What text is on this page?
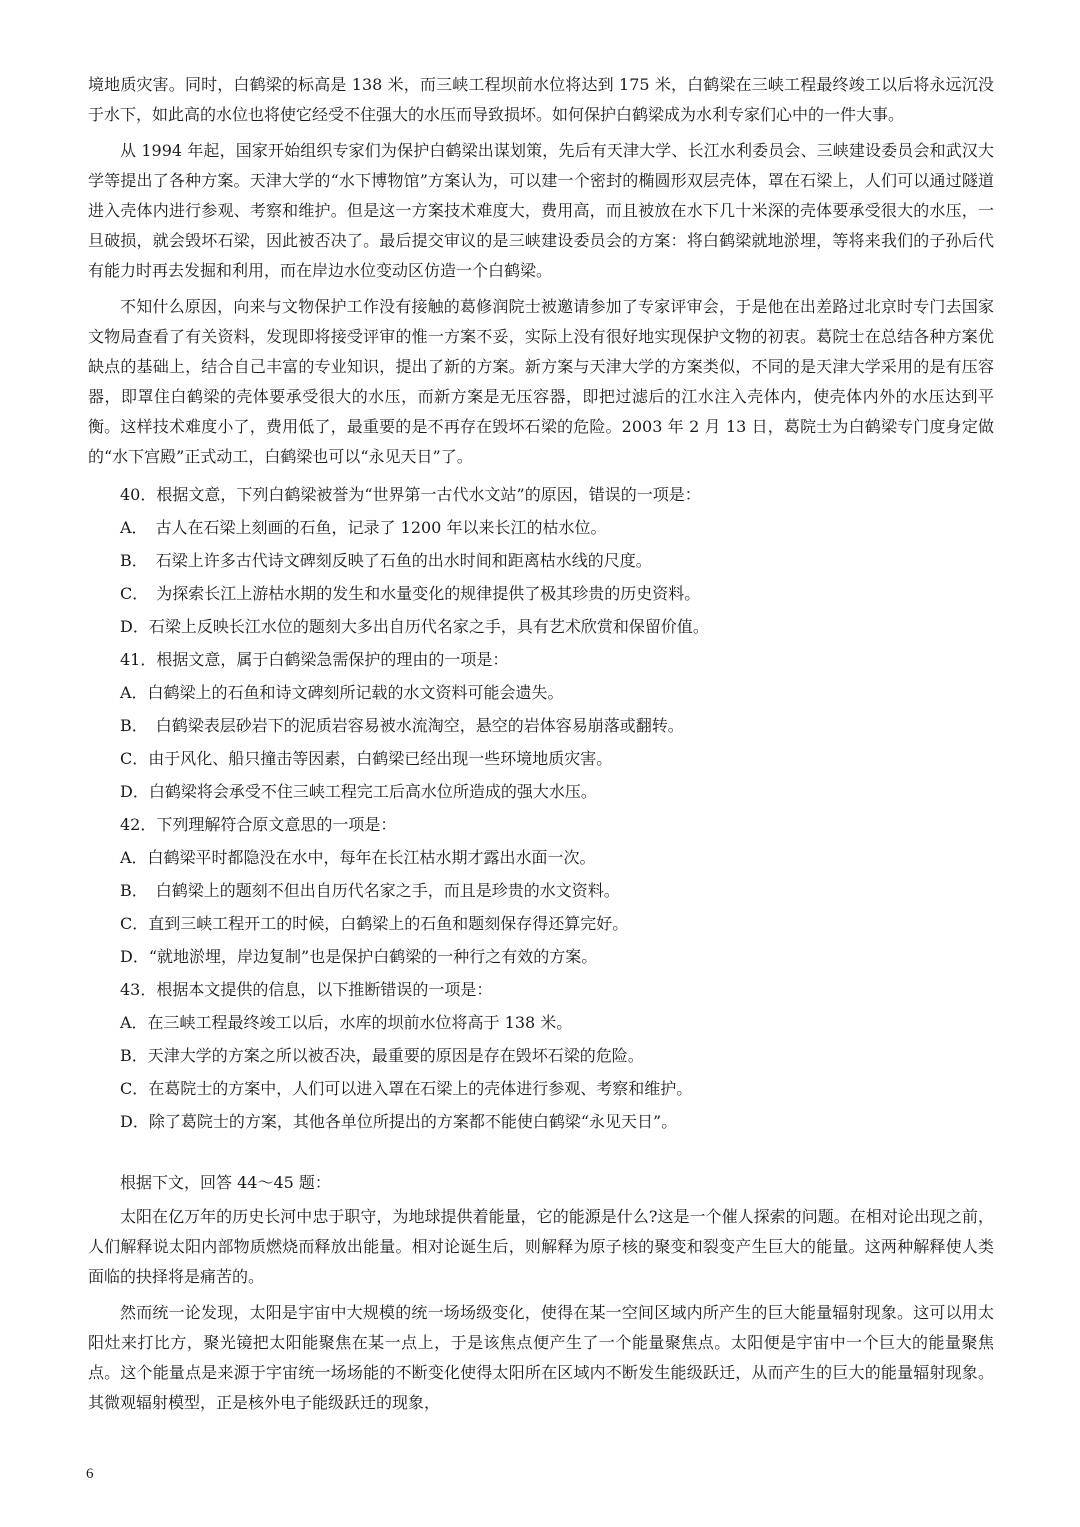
境地质灾害。同时，白鹤梁的标高是 138 米，而三峡工程坝前水位将达到 175 米，白鹤梁在三峡工程最终竣工以后将永远沉没于水下，如此高的水位也将使它经受不住强大的水压而导致损坏。如何保护白鹤梁成为水利专家们心中的一件大事。

从 1994 年起，国家开始组织专家们为保护白鹤梁出谋划策，先后有天津大学、长江水利委员会、三峡建设委员会和武汉大学等提出了各种方案。天津大学的“水下博物馆”方案认为，可以建一个密封的椭圆形双层壳体，罩在石梁上，人们可以通过隧道进入壳体内进行参观、考察和维护。但是这一方案技术难度大，费用高，而且被放在水下几十米深的壳体要承受很大的水压，一旦破损，就会毁坏石梁，因此被否决了。最后提交审议的是三峡建设委员会的方案：将白鹤梁就地淤埋，等将来我们的子孙后代有能力时再去发掘和利用，而在岸边水位变动区仿造一个白鹤梁。

不知什么原因，向来与文物保护工作没有接触的葛修润院士被邀请参加了专家评审会，于是他在出差路过北京时专门去国家文物局查看了有关资料，发现即将接受评审的惟一方案不妥，实际上没有很好地实现保护文物的初衷。葛院士在总结各种方案优缺点的基础上，结合自己丰富的专业知识，提出了新的方案。新方案与天津大学的方案类似，不同的是天津大学采用的是有压容器，即罩住白鹤梁的壳体要承受很大的水压，而新方案是无压容器，即把过滤后的江水注入壳体内，使壳体内外的水压达到平衡。这样技术难度小了，费用低了，最重要的是不再存在毁坏石梁的危险。2003 年 2 月 13 日，葛院士为白鹤梁专门度身定做的“水下宫殿”正式动工，白鹤梁也可以“永见天日”了。

40．根据文意，下列白鹤梁被誉为“世界第一古代水文站”的原因，错误的一项是：

A．　古人在石梁上刻画的石鱼，记录了 1200 年以来长江的枯水位。

B．　石梁上许多古代诗文碑刻反映了石鱼的出水时间和距离枯水线的尺度。

C．　为探索长江上游枯水期的发生和水量变化的规律提供了极其珍贵的历史资料。

D．石梁上反映长江水位的题刻大多出自历代名家之手，具有艺术欣赏和保留价值。

41．根据文意，属于白鹤梁急需保护的理由的一项是：

A．白鹤梁上的石鱼和诗文碑刻所记载的水文资料可能会遗失。

B．　白鹤梁表层砂岩下的泥质岩容易被水流淘空，悬空的岩体容易崩落或翻转。

C．由于风化、船只撞击等因素，白鹤梁已经出现一些环境地质灾害。

D．白鹤梁将会承受不住三峡工程完工后高水位所造成的强大水压。

42．下列理解符合原文意思的一项是：

A．白鹤梁平时都隐没在水中，每年在长江枯水期才露出水面一次。

B．　白鹤梁上的题刻不但出自历代名家之手，而且是珍贵的水文资料。

C．直到三峡工程开工的时候，白鹤梁上的石鱼和题刻保存得还算完好。

D．“就地淤埋，岸边复制”也是保护白鹤梁的一种行之有效的方案。

43．根据本文提供的信息，以下推断错误的一项是：

A．在三峡工程最终竣工以后，水库的坝前水位将高于 138 米。

B．天津大学的方案之所以被否决，最重要的原因是存在毁坏石梁的危险。

C．在葛院士的方案中，人们可以进入罩在石梁上的壳体进行参观、考察和维护。

D．除了葛院士的方案，其他各单位所提出的方案都不能使白鹤梁“永见天日”。

根据下文，回答 44～45 题：

太阳在亿万年的历史长河中忠于职守，为地球提供着能量，它的能源是什么?这是一个催人探索的问题。在相对论出现之前，人们解释说太阳内部物质燃烧而释放出能量。相对论诞生后，则解释为原子核的聚变和裂变产生巨大的能量。这两种解释使人类面临的抉择将是痛苦的。

然而统一论发现，太阳是宇宙中大规模的统一场场级变化，使得在某一空间区域内所产生的巨大能量辐射现象。这可以用太阳灶来打比方，聚光镜把太阳能聚焦在某一点上，于是该焦点便产生了一个能量聚焦点。太阳便是宇宙中一个巨大的能量聚焦点。这个能量点是来源于宇宙统一场场能的不断变化使得太阳所在区域内不断发生能级跃迁，从而产生的巨大的能量辐射现象。其微观辐射模型，正是核外电子能级跃迁的现象，

6
